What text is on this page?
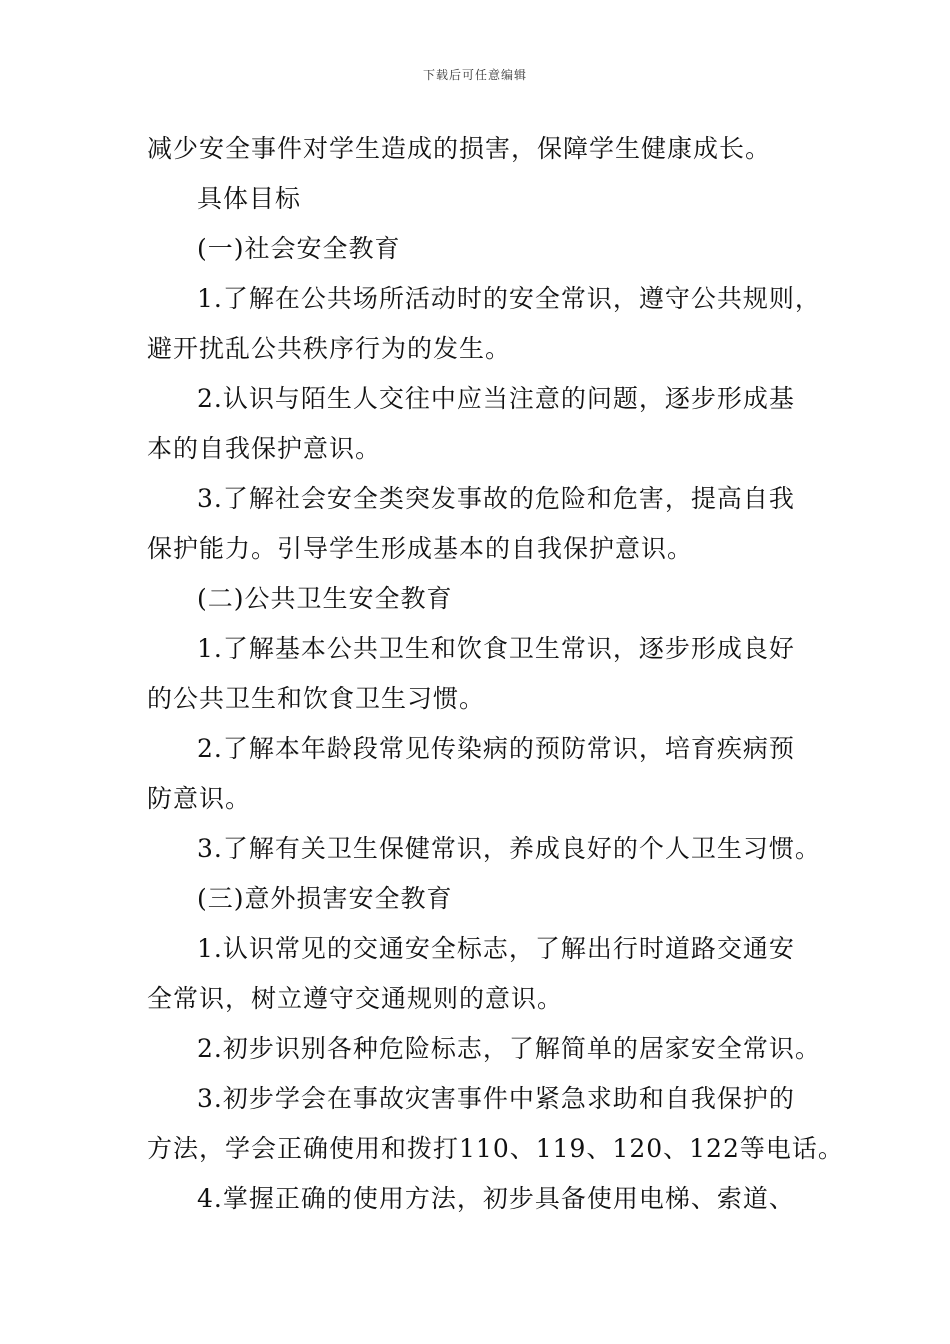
下载后可任意编辑
减少安全事件对学生造成的损害，保障学生健康成长。
具体目标
(一)社会安全教育
1.了解在公共场所活动时的安全常识，遵守公共规则，
避开扰乱公共秩序行为的发生。
2.认识与陌生人交往中应当注意的问题，逐步形成基
本的自我保护意识。
3.了解社会安全类突发事故的危险和危害，提高自我
保护能力。引导学生形成基本的自我保护意识。
(二)公共卫生安全教育
1.了解基本公共卫生和饮食卫生常识，逐步形成良好
的公共卫生和饮食卫生习惯。
2.了解本年龄段常见传染病的预防常识，培育疾病预
防意识。
3.了解有关卫生保健常识，养成良好的个人卫生习惯。
(三)意外损害安全教育
1.认识常见的交通安全标志，了解出行时道路交通安
全常识，树立遵守交通规则的意识。
2.初步识别各种危险标志，了解简单的居家安全常识。
3.初步学会在事故灾害事件中紧急求助和自我保护的
方法，学会正确使用和拨打110、119、120、122等电话。
4.掌握正确的使用方法，初步具备使用电梯、索道、
